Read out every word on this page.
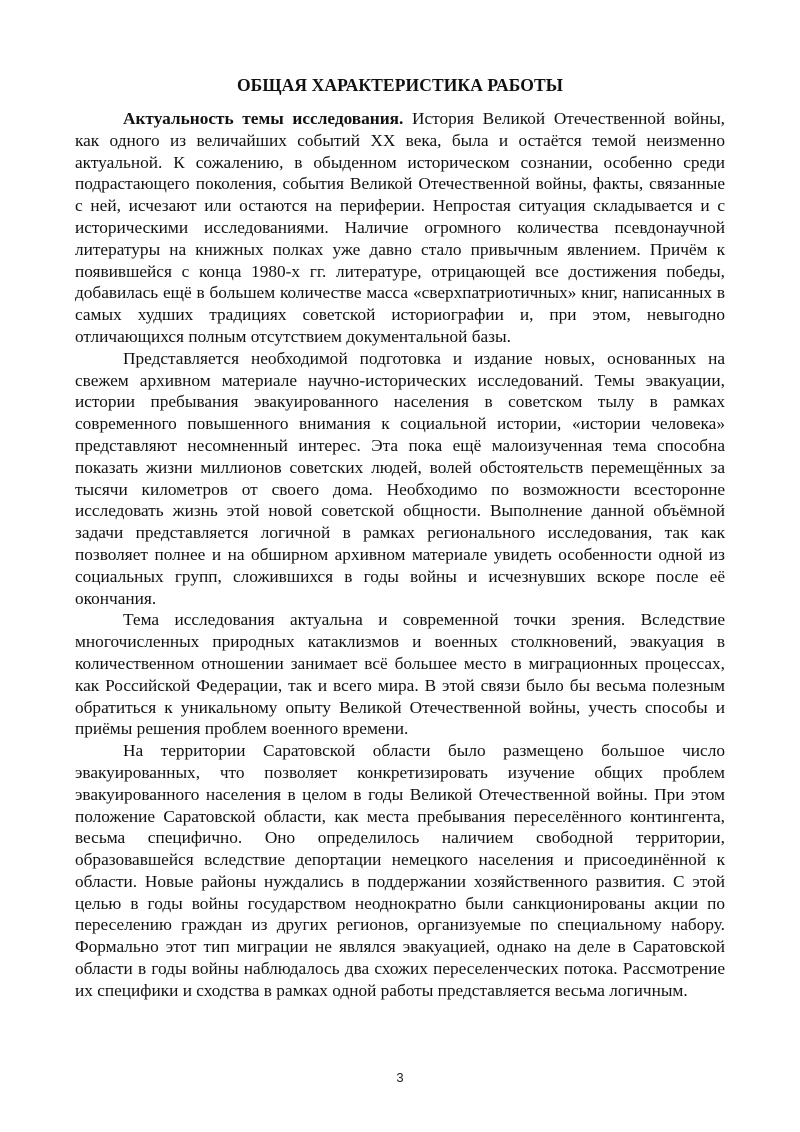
ОБЩАЯ ХАРАКТЕРИСТИКА РАБОТЫ

Актуальность темы исследования. История Великой Отечественной войны, как одного из величайших событий XX века, была и остаётся темой неизменно актуальной. К сожалению, в обыденном историческом сознании, особенно среди подрастающего поколения, события Великой Отечественной войны, факты, связанные с ней, исчезают или остаются на периферии. Непростая ситуация складывается и с историческими исследованиями. Наличие огромного количества псевдонаучной литературы на книжных полках уже давно стало привычным явлением. Причём к появившейся с конца 1980-х гг. литературе, отрицающей все достижения победы, добавилась ещё в большем количестве масса «сверхпатриотичных» книг, написанных в самых худших традициях советской историографии и, при этом, невыгодно отличающихся полным отсутствием документальной базы.

Представляется необходимой подготовка и издание новых, основанных на свежем архивном материале научно-исторических исследований. Темы эвакуации, истории пребывания эвакуированного населения в советском тылу в рамках современного повышенного внимания к социальной истории, «истории человека» представляют несомненный интерес. Эта пока ещё малоизученная тема способна показать жизни миллионов советских людей, волей обстоятельств перемещённых за тысячи километров от своего дома. Необходимо по возможности всесторонне исследовать жизнь этой новой советской общности. Выполнение данной объёмной задачи представляется логичной в рамках регионального исследования, так как позволяет полнее и на обширном архивном материале увидеть особенности одной из социальных групп, сложившихся в годы войны и исчезнувших вскоре после её окончания.

Тема исследования актуальна и современной точки зрения. Вследствие многочисленных природных катаклизмов и военных столкновений, эвакуация в количественном отношении занимает всё большее место в миграционных процессах, как Российской Федерации, так и всего мира. В этой связи было бы весьма полезным обратиться к уникальному опыту Великой Отечественной войны, учесть способы и приёмы решения проблем военного времени.

На территории Саратовской области было размещено большое число эвакуированных, что позволяет конкретизировать изучение общих проблем эвакуированного населения в целом в годы Великой Отечественной войны. При этом положение Саратовской области, как места пребывания переселённого контингента, весьма специфично. Оно определилось наличием свободной территории, образовавшейся вследствие депортации немецкого населения и присоединённой к области. Новые районы нуждались в поддержании хозяйственного развития. С этой целью в годы войны государством неоднократно были санкционированы акции по переселению граждан из других регионов, организуемые по специальному набору. Формально этот тип миграции не являлся эвакуацией, однако на деле в Саратовской области в годы войны наблюдалось два схожих переселенческих потока. Рассмотрение их специфики и сходства в рамках одной работы представляется весьма логичным.

3
